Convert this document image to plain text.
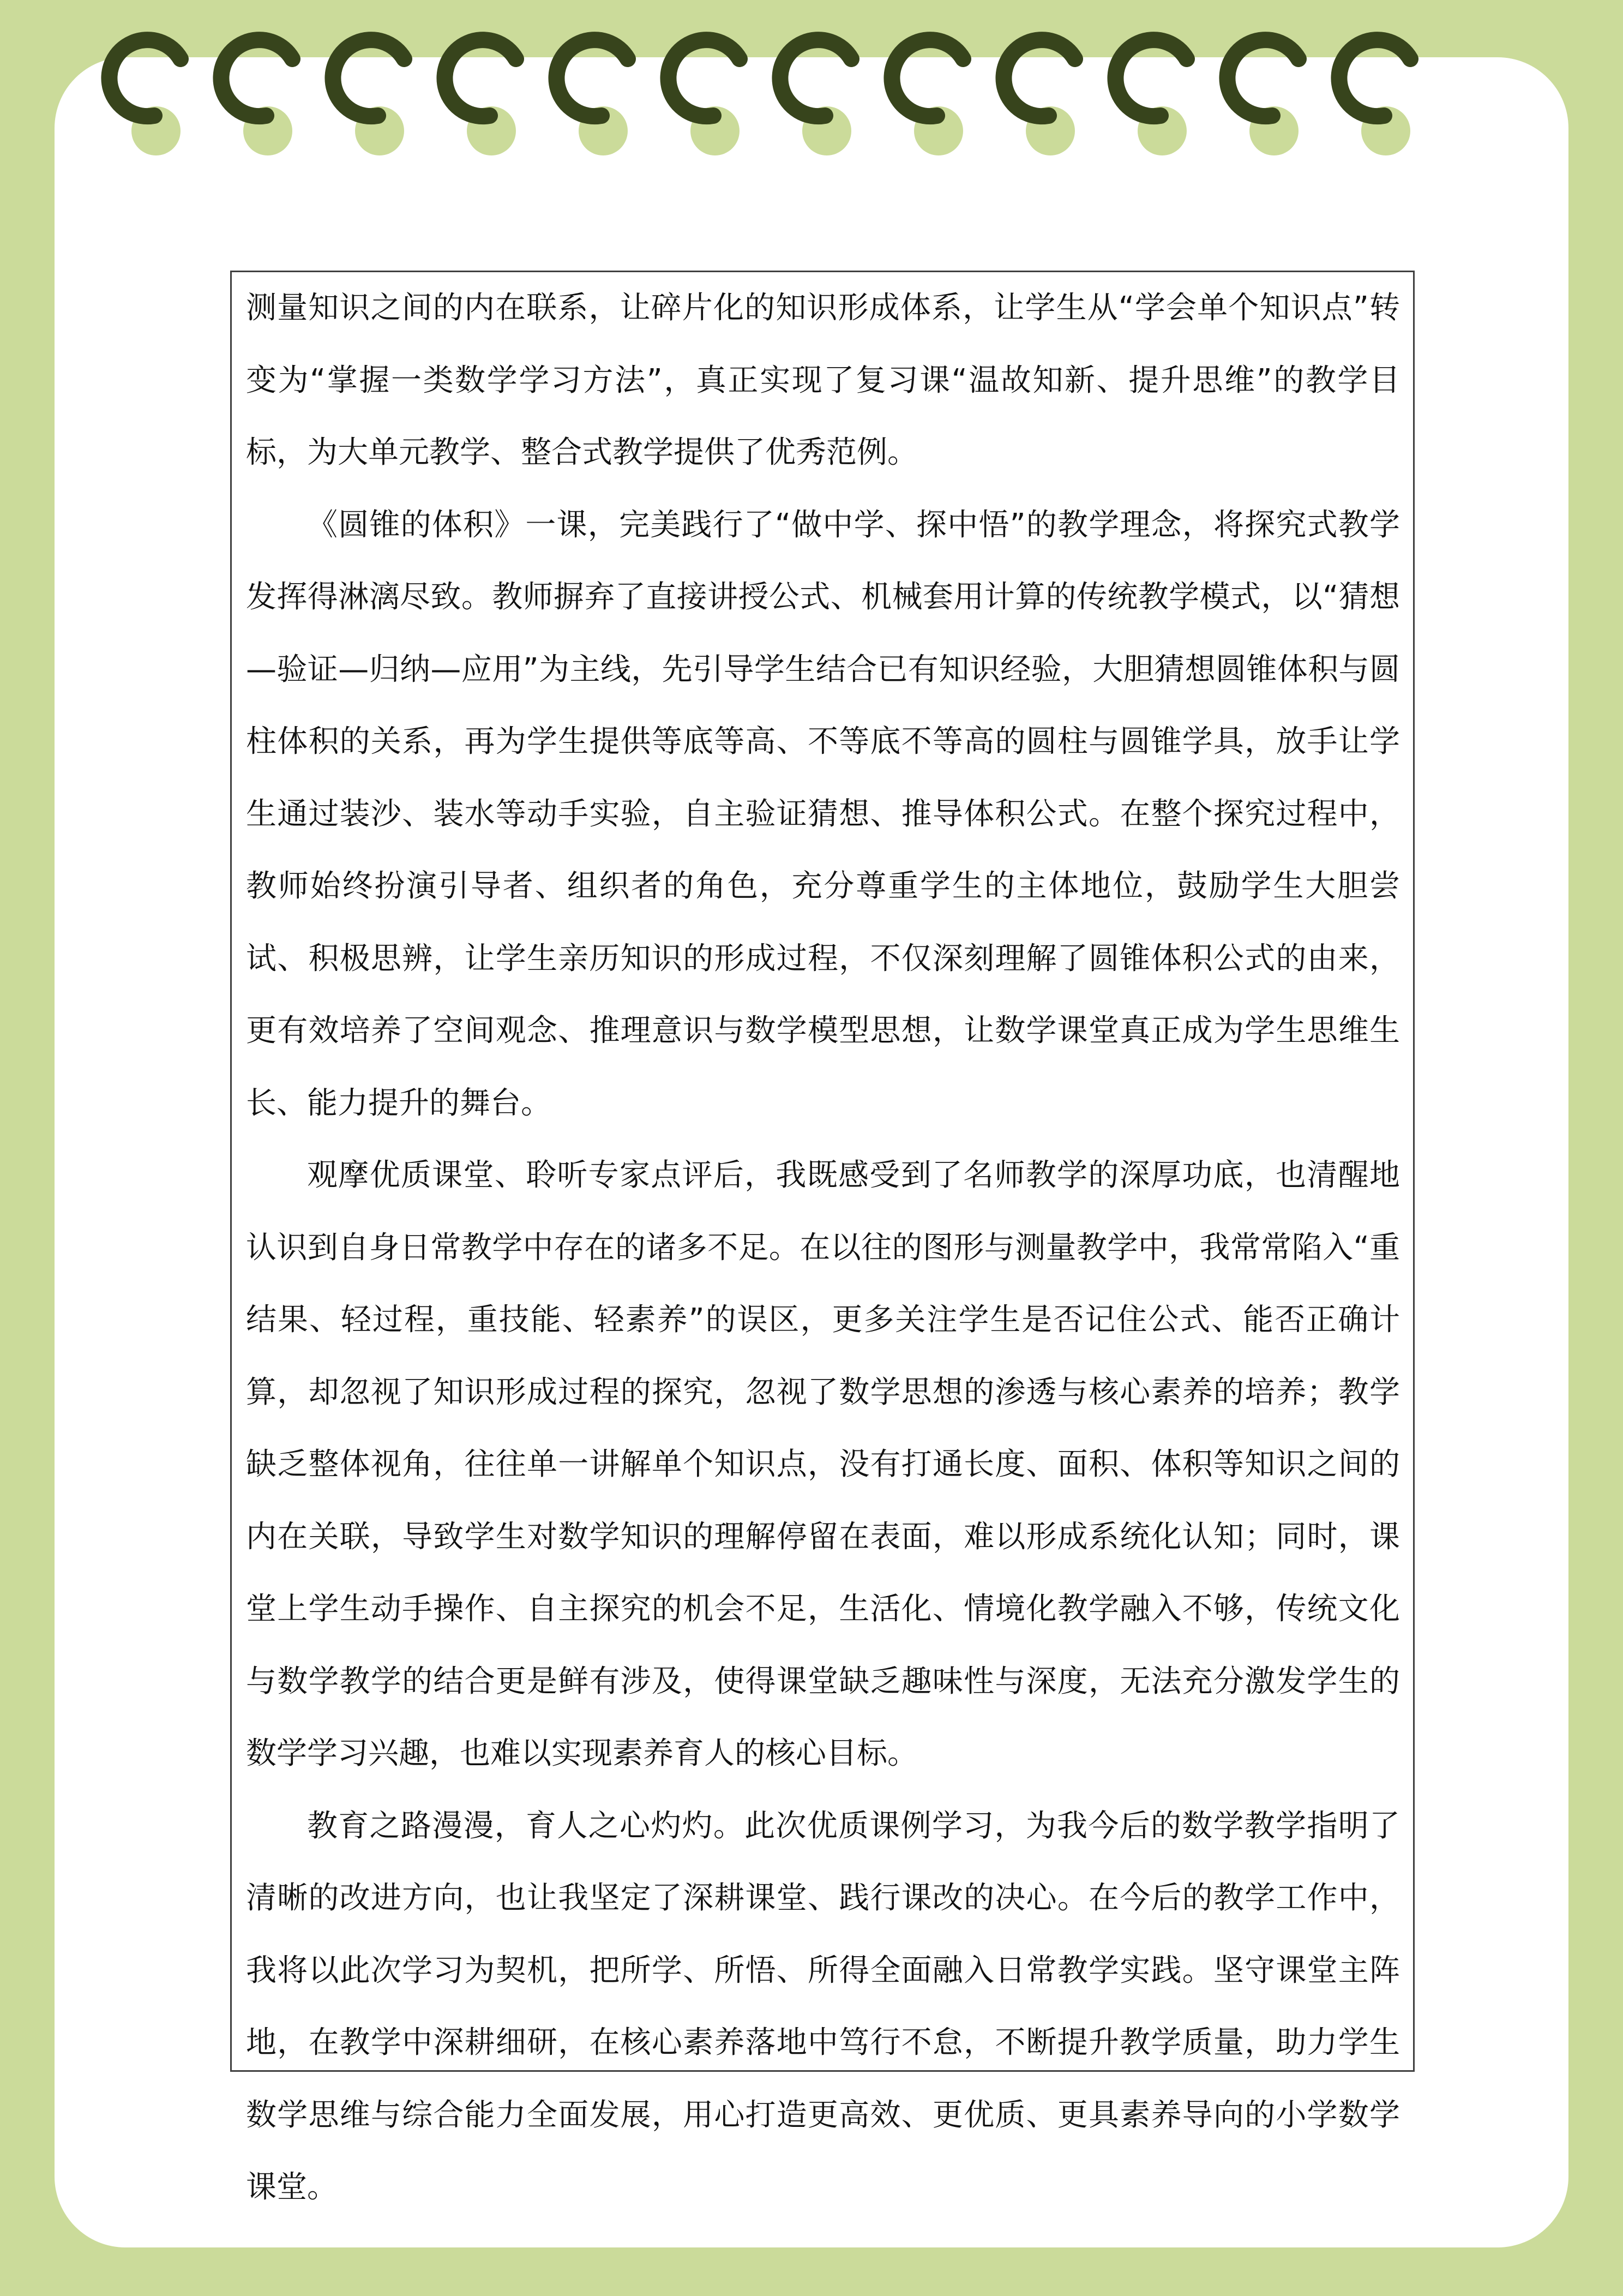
测量知识之间的内在联系，让碎片化的知识形成体系，让学生从“学会单个知识点”转变为“掌握一类数学学习方法”，真正实现了复习课“温故知新、提升思维”的教学目标，为大单元教学、整合式教学提供了优秀范例。

《圆锥的体积》一课，完美践行了“做中学、探中悟”的教学理念，将探究式教学发挥得淋漓尽致。教师摒弃了直接讲授公式、机械套用计算的传统教学模式，以“猜想—验证—归纳—应用”为主线，先引导学生结合已有知识经验，大胆猜想圆锥体积与圆柱体积的关系，再为学生提供等底等高、不等底不等高的圆柱与圆锥学具，放手让学生通过装沙、装水等动手实验，自主验证猜想、推导体积公式。在整个探究过程中，教师始终扮演引导者、组织者的角色，充分尊重学生的主体地位，鼓励学生大胆尝试、积极思辨，让学生亲历知识的形成过程，不仅深刻理解了圆锥体积公式的由来，更有效培养了空间观念、推理意识与数学模型思想，让数学课堂真正成为学生思维生长、能力提升的舞台。

观摩优质课堂、聆听专家点评后，我既感受到了名师教学的深厚功底，也清醒地认识到自身日常教学中存在的诸多不足。在以往的图形与测量教学中，我常常陷入“重结果、轻过程，重技能、轻素养”的误区，更多关注学生是否记住公式、能否正确计算，却忽视了知识形成过程的探究，忽视了数学思想的渗透与核心素养的培养；教学缺乏整体视角，往往单一讲解单个知识点，没有打通长度、面积、体积等知识之间的内在关联，导致学生对数学知识的理解停留在表面，难以形成系统化认知；同时，课堂上学生动手操作、自主探究的机会不足，生活化、情境化教学融入不够，传统文化与数学教学的结合更是鲜有涉及，使得课堂缺乏趣味性与深度，无法充分激发学生的数学学习兴趣，也难以实现素养育人的核心目标。

教育之路漫漫，育人之心灼灼。此次优质课例学习，为我今后的数学教学指明了清晰的改进方向，也让我坚定了深耕课堂、践行课改的决心。在今后的教学工作中，我将以此次学习为契机，把所学、所悟、所得全面融入日常教学实践。坚守课堂主阵地，在教学中深耕细研，在核心素养落地中笃行不怠，不断提升教学质量，助力学生数学思维与综合能力全面发展，用心打造更高效、更优质、更具素养导向的小学数学课堂。
